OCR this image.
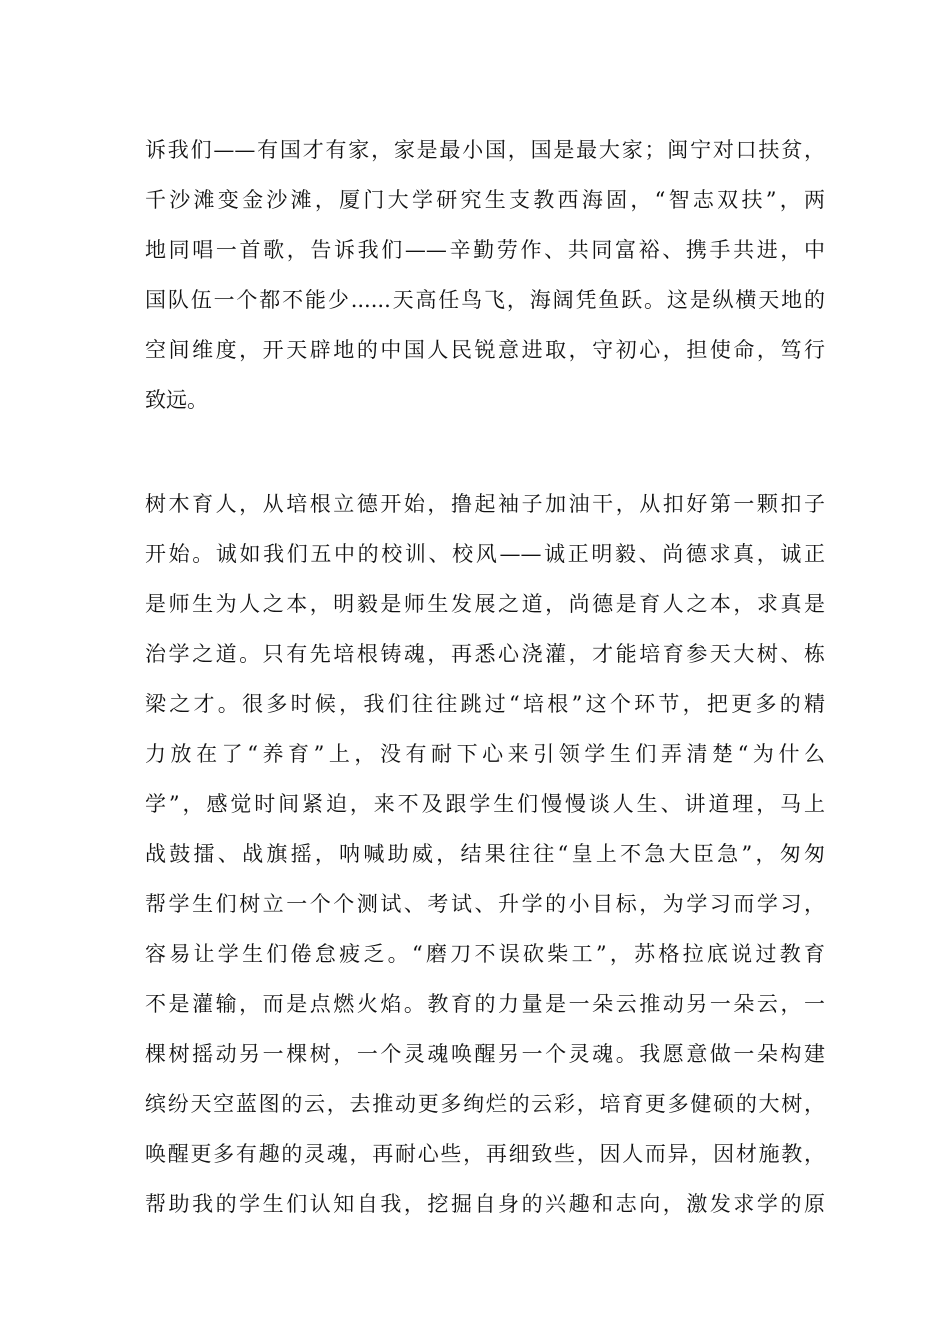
诉我们——有国才有家，家是最小国，国是最大家；闽宁对口扶贫，
千沙滩变金沙滩，厦门大学研究生支教西海固，“智志双扶”，两
地同唱一首歌，告诉我们——辛勤劳作、共同富裕、携手共进，中
国队伍一个都不能少......天高任鸟飞，海阔凭鱼跃。这是纵横天地的
空间维度，开天辟地的中国人民锐意进取，守初心，担使命，笃行
致远。
树木育人，从培根立德开始，撸起袖子加油干，从扣好第一颗扣子
开始。诚如我们五中的校训、校风——诚正明毅、尚德求真，诚正
是师生为人之本，明毅是师生发展之道，尚德是育人之本，求真是
治学之道。只有先培根铸魂，再悉心浇灌，才能培育参天大树、栋
梁之才。很多时候，我们往往跳过“培根”这个环节，把更多的精
力放在了“养育”上，没有耐下心来引领学生们弄清楚“为什么
学”，感觉时间紧迫，来不及跟学生们慢慢谈人生、讲道理，马上
战鼓擂、战旗摇，呐喊助威，结果往往“皇上不急大臣急”，匆匆
帮学生们树立一个个测试、考试、升学的小目标，为学习而学习，
容易让学生们倦怠疲乏。“磨刀不误砍柴工”，苏格拉底说过教育
不是灌输，而是点燃火焰。教育的力量是一朵云推动另一朵云，一
棵树摇动另一棵树，一个灵魂唤醒另一个灵魂。我愿意做一朵构建
缤纷天空蓝图的云，去推动更多绚烂的云彩，培育更多健硕的大树，
唤醒更多有趣的灵魂，再耐心些，再细致些，因人而异，因材施教，
帮助我的学生们认知自我，挖掘自身的兴趣和志向，激发求学的原
